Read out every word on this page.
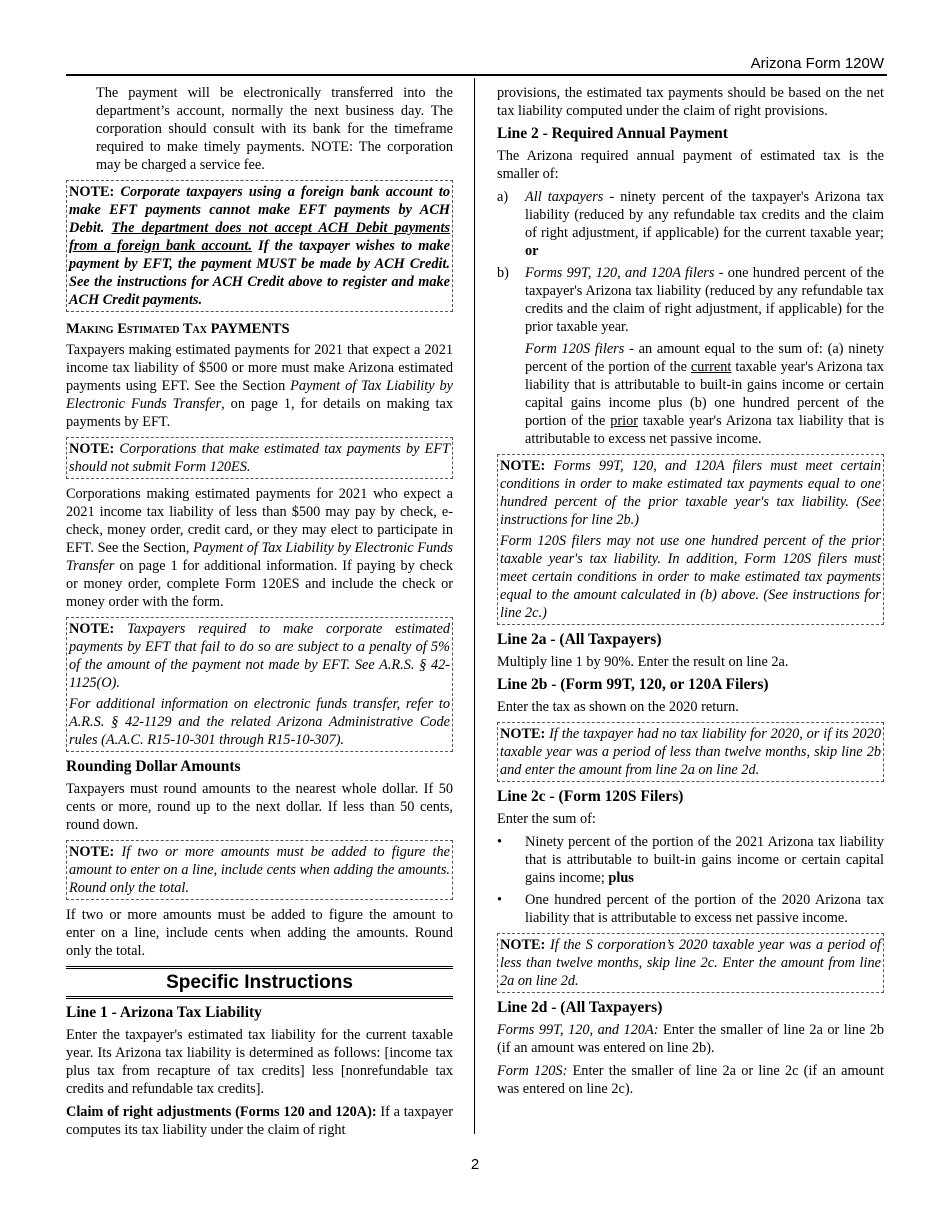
Arizona Form 120W

The payment will be electronically transferred into the department’s account, normally the next business day. The corporation should consult with its bank for the timeframe required to make timely payments. NOTE: The corporation may be charged a service fee.

NOTE: Corporate taxpayers using a foreign bank account to make EFT payments cannot make EFT payments by ACH Debit. The department does not accept ACH Debit payments from a foreign bank account. If the taxpayer wishes to make payment by EFT, the payment MUST be made by ACH Credit. See the instructions for ACH Credit above to register and make ACH Credit payments.

Making Estimated Tax PAYMENTS

Taxpayers making estimated payments for 2021 that expect a 2021 income tax liability of $500 or more must make Arizona estimated payments using EFT. See the Section Payment of Tax Liability by Electronic Funds Transfer, on page 1, for details on making tax payments by EFT.

NOTE: Corporations that make estimated tax payments by EFT should not submit Form 120ES.

Corporations making estimated payments for 2021 who expect a 2021 income tax liability of less than $500 may pay by check, e-check, money order, credit card, or they may elect to participate in EFT. See the Section, Payment of Tax Liability by Electronic Funds Transfer on page 1 for additional information. If paying by check or money order, complete Form 120ES and include the check or money order with the form.

NOTE: Taxpayers required to make corporate estimated payments by EFT that fail to do so are subject to a penalty of 5% of the amount of the payment not made by EFT. See A.R.S. § 42-1125(O).

For additional information on electronic funds transfer, refer to A.R.S. § 42-1129 and the related Arizona Administrative Code rules (A.A.C. R15-10-301 through R15-10-307).

Rounding Dollar Amounts

Taxpayers must round amounts to the nearest whole dollar. If 50 cents or more, round up to the next dollar. If less than 50 cents, round down.

NOTE: If two or more amounts must be added to figure the amount to enter on a line, include cents when adding the amounts. Round only the total.

If two or more amounts must be added to figure the amount to enter on a line, include cents when adding the amounts. Round only the total.

Specific Instructions
Line 1 - Arizona Tax Liability

Enter the taxpayer's estimated tax liability for the current taxable year. Its Arizona tax liability is determined as follows: [income tax plus tax from recapture of tax credits] less [nonrefundable tax credits and refundable tax credits].

Claim of right adjustments (Forms 120 and 120A): If a taxpayer computes its tax liability under the claim of right

provisions, the estimated tax payments should be based on the net tax liability computed under the claim of right provisions.

Line 2 - Required Annual Payment

The Arizona required annual payment of estimated tax is the smaller of:

a) All taxpayers - ninety percent of the taxpayer's Arizona tax liability (reduced by any refundable tax credits and the claim of right adjustment, if applicable) for the current taxable year; or
b) Forms 99T, 120, and 120A filers - one hundred percent of the taxpayer's Arizona tax liability (reduced by any refundable tax credits and the claim of right adjustment, if applicable) for the prior taxable year.

Form 120S filers - an amount equal to the sum of: (a) ninety percent of the portion of the current taxable year's Arizona tax liability that is attributable to built-in gains income or certain capital gains income plus (b) one hundred percent of the portion of the prior taxable year's Arizona tax liability that is attributable to excess net passive income.

NOTE: Forms 99T, 120, and 120A filers must meet certain conditions in order to make estimated tax payments equal to one hundred percent of the prior taxable year's tax liability. (See instructions for line 2b.)

Form 120S filers may not use one hundred percent of the prior taxable year's tax liability. In addition, Form 120S filers must meet certain conditions in order to make estimated tax payments equal to the amount calculated in (b) above. (See instructions for line 2c.)

Line 2a - (All Taxpayers)

Multiply line 1 by 90%. Enter the result on line 2a.

Line 2b - (Form 99T, 120, or 120A Filers)

Enter the tax as shown on the 2020 return.

NOTE: If the taxpayer had no tax liability for 2020, or if its 2020 taxable year was a period of less than twelve months, skip line 2b and enter the amount from line 2a on line 2d.

Line 2c - (Form 120S Filers)

Enter the sum of:

• Ninety percent of the portion of the 2021 Arizona tax liability that is attributable to built-in gains income or certain capital gains income; plus
• One hundred percent of the portion of the 2020 Arizona tax liability that is attributable to excess net passive income.

NOTE: If the S corporation’s 2020 taxable year was a period of less than twelve months, skip line 2c. Enter the amount from line 2a on line 2d.

Line 2d - (All Taxpayers)

Forms 99T, 120, and 120A: Enter the smaller of line 2a or line 2b (if an amount was entered on line 2b).

Form 120S: Enter the smaller of line 2a or line 2c (if an amount was entered on line 2c).

2
